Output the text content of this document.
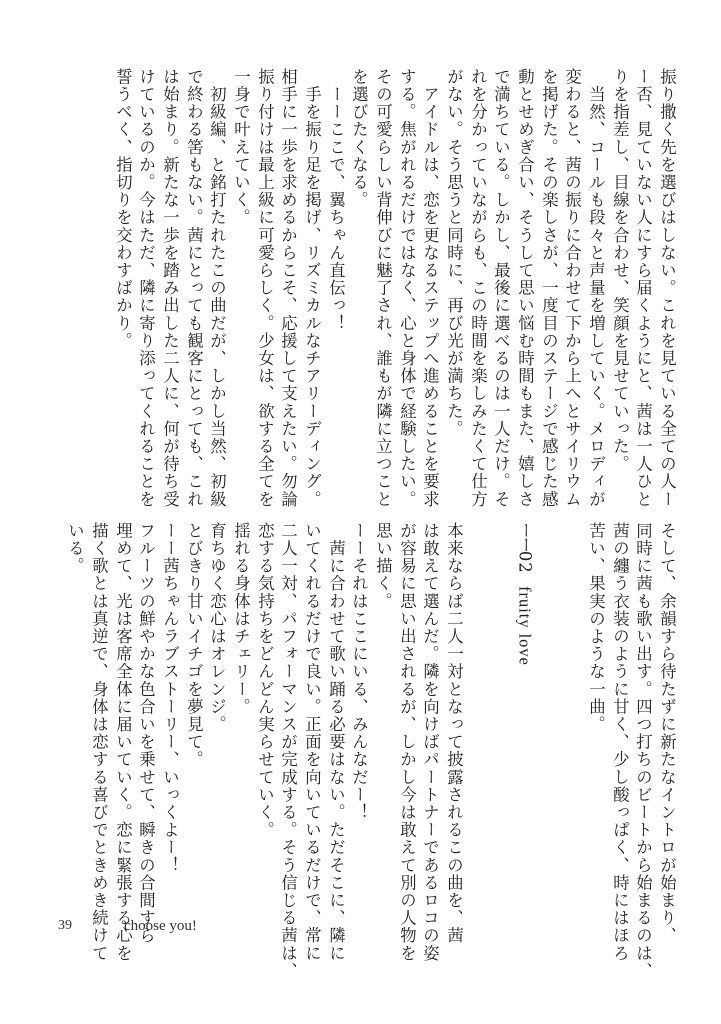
振り撒く先を選びはしない。これを見ている全ての人ー
ー否、見ていない人にすら届くようにと、茜は一人ひと
りを指差し、目線を合わせ、笑顔を見せていった。
　当然、コールも段々と声量を増していく。メロディが
変わると、茜の振りに合わせて下から上へとサイリウム
を掲げた。その楽しさが、一度目のステージで感じた感
動とせめぎ合い、そうして思い悩む時間もまた、嬉しさ
で満ちている。しかし、最後に選べるのは一人だけ。そ
れを分かっていながらも、この時間を楽しみたくて仕方
がない。そう思うと同時に、再び光が満ちた。
　アイドルは、恋を更なるステップへ進めることを要求
する。焦がれるだけではなく、心と身体で経験したい。
その可愛らしい背伸びに魅了され、誰もが隣に立つこと
を選びたくなる。
　ーーここで、翼ちゃん直伝っ！
　手を振り足を掲げ、リズミカルなチアリーディング。
相手に一歩を求めるからこそ、応援して支えたい。勿論
振り付けは最上級に可愛らしく。少女は、欲する全てを
一身で叶えていく。
　初級編、と銘打たれたこの曲だが、しかし当然、初級
で終わる筈もない。茜にとっても観客にとっても、これ
は始まり。新たな一歩を踏み出した二人に、何が待ち受
けているのか。今はただ、隣に寄り添ってくれることを
誓うべく、指切りを交わすばかり。
そして、余韻すら待たずに新たなイントロが始まり、
同時に茜も歌い出す。四つ打ちのビートから始まるのは、
茜の纏う衣装のように甘く、少し酸っぱく、時にはほろ
苦い、果実のような一曲。
ーー02  fruity love
本来ならば二人一対となって披露されるこの曲を、茜
は敢えて選んだ。隣を向けばパートナーであるロコの姿
が容易に思い出されるが、しかし今は敢えて別の人物を
思い描く。
ーーそれはここにいる、みんなだー！
　茜に合わせて歌い踊る必要はない。ただそこに、隣に
いてくれるだけで良い。正面を向いているだけで、常に
二人一対、パフォーマンスが完成する。そう信じる茜は、
恋する気持ちをどんどん実らせていく。
揺れる身体はチェリー。
育ちゆく恋心はオレンジ。
とびきり甘いイチゴを夢見て。
ーー茜ちゃんラブストーリー、いっくよー！
フルーツの鮮やかな色合いを乗せて、瞬きの合間すら
埋めて、光は客席全体に届いていく。恋に緊張する心を
描く歌とは真逆で、身体は恋する喜びでときめき続けて
いる。
39	choose you!
